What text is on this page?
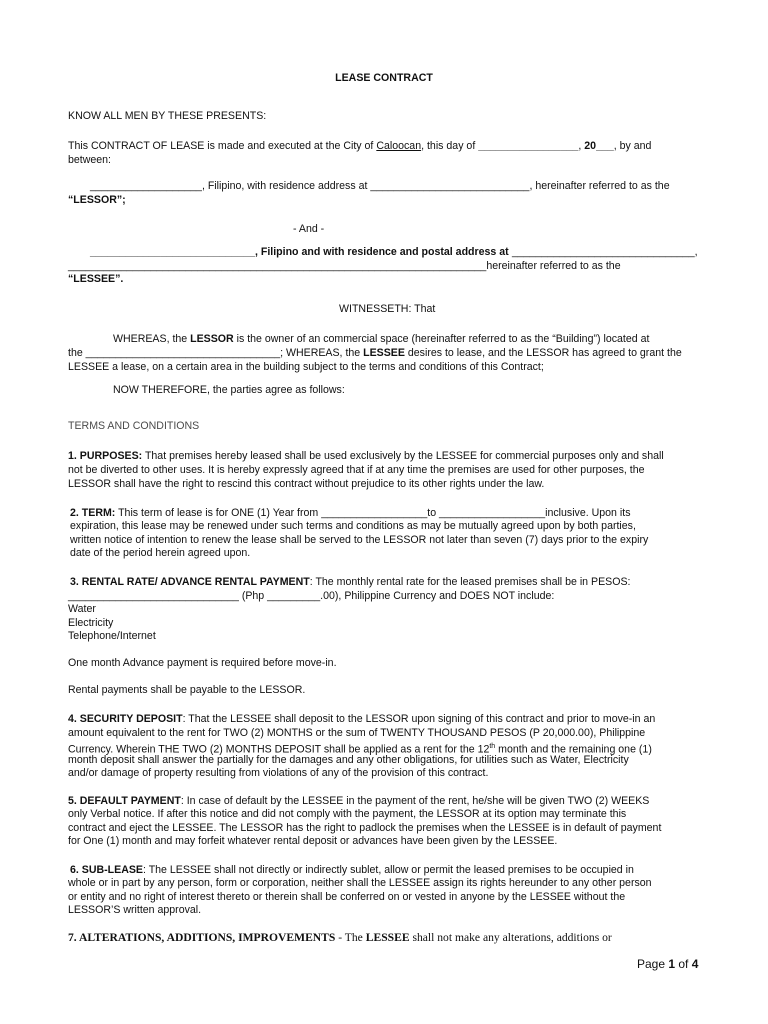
LEASE CONTRACT
KNOW ALL MEN BY THESE PRESENTS:
This CONTRACT OF LEASE is made and executed at the City of Caloocan, this day of _________________, 20___, by and
between:
___________________, Filipino, with residence address at ___________________________, hereinafter referred to as the
“LESSOR”;
- And -
____________________________, Filipino and with residence and postal address at _______________________________,
_______________________________________________________________________hereinafter referred to as the
“LESSEE”.
WITNESSETH: That
WHEREAS, the LESSOR is the owner of an commercial space (hereinafter referred to as the “Building”) located at
the _________________________________; WHEREAS, the LESSEE desires to lease, and the LESSOR has agreed to grant the
LESSEE a lease, on a certain area in the building subject to the terms and conditions of this Contract;
NOW THEREFORE, the parties agree as follows:
TERMS AND CONDITIONS
1. PURPOSES: That premises hereby leased shall be used exclusively by the LESSEE for commercial purposes only and shall
not be diverted to other uses. It is hereby expressly agreed that if at any time the premises are used for other purposes, the
LESSOR shall have the right to rescind this contract without prejudice to its other rights under the law.
2. TERM: This term of lease is for ONE (1) Year from __________________to __________________inclusive. Upon its
expiration, this lease may be renewed under such terms and conditions as may be mutually agreed upon by both parties,
written notice of intention to renew the lease shall be served to the LESSOR not later than seven (7) days prior to the expiry
date of the period herein agreed upon.
3. RENTAL RATE/ ADVANCE RENTAL PAYMENT: The monthly rental rate for the leased premises shall be in PESOS:
_____________________________ (Php _________.00), Philippine Currency and DOES NOT include:
Water
Electricity
Telephone/Internet
One month Advance payment is required before move-in.
Rental payments shall be payable to the LESSOR.
4. SECURITY DEPOSIT: That the LESSEE shall deposit to the LESSOR upon signing of this contract and prior to move-in an
amount equivalent to the rent for TWO (2) MONTHS or the sum of TWENTY THOUSAND PESOS (P 20,000.00), Philippine
Currency. Wherein THE TWO (2) MONTHS DEPOSIT shall be applied as a rent for the 12th month and the remaining one (1)
month deposit shall answer the partially for the damages and any other obligations, for utilities such as Water, Electricity
and/or damage of property resulting from violations of any of the provision of this contract.
5. DEFAULT PAYMENT: In case of default by the LESSEE in the payment of the rent, he/she will be given TWO (2) WEEKS
only Verbal notice. If after this notice and did not comply with the payment, the LESSOR at its option may terminate this
contract and eject the LESSEE. The LESSOR has the right to padlock the premises when the LESSEE is in default of payment
for One (1) month and may forfeit whatever rental deposit or advances have been given by the LESSEE.
6. SUB-LEASE: The LESSEE shall not directly or indirectly sublet, allow or permit the leased premises to be occupied in
whole or in part by any person, form or corporation, neither shall the LESSEE assign its rights hereunder to any other person
or entity and no right of interest thereto or therein shall be conferred on or vested in anyone by the LESSEE without the
LESSOR’S written approval.
7. ALTERATIONS, ADDITIONS, IMPROVEMENTS - The LESSEE shall not make any alterations, additions or
Page 1 of 4
